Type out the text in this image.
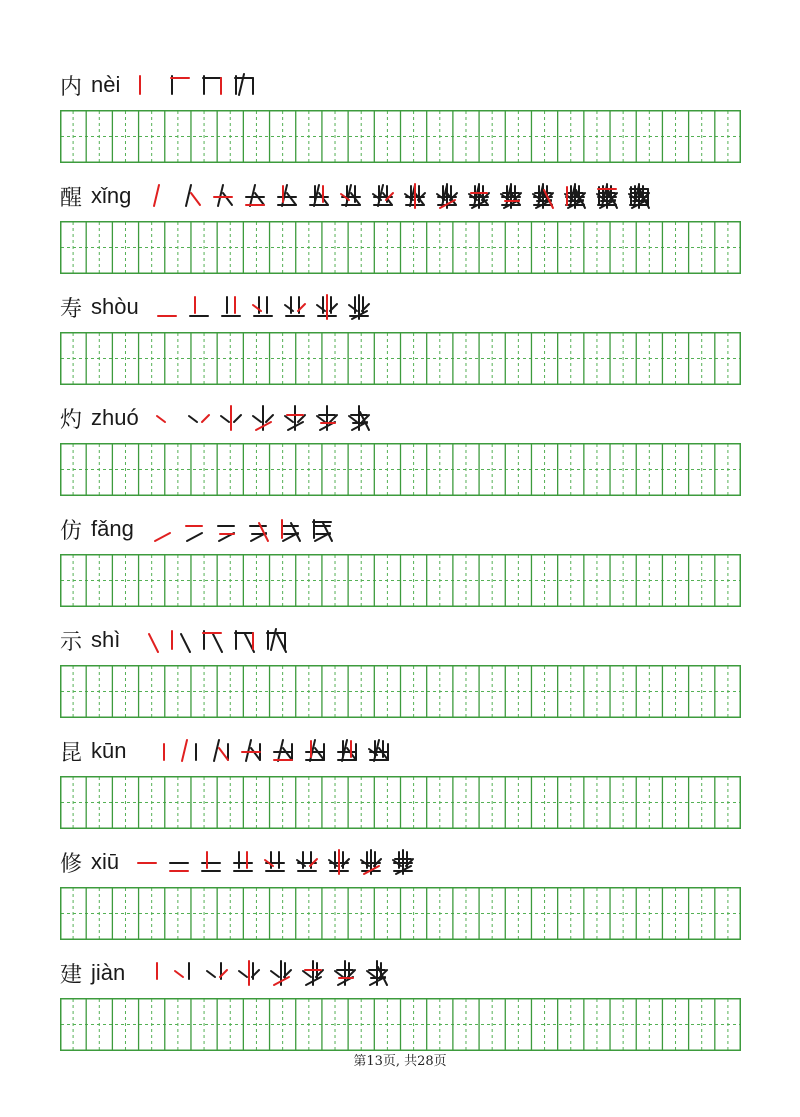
内 nèi
醒 xǐng
寿 shòu
灼 zhuó
仿 fǎng
示 shì
昆 kūn
修 xiū
建 jiàn
第13页, 共28页
